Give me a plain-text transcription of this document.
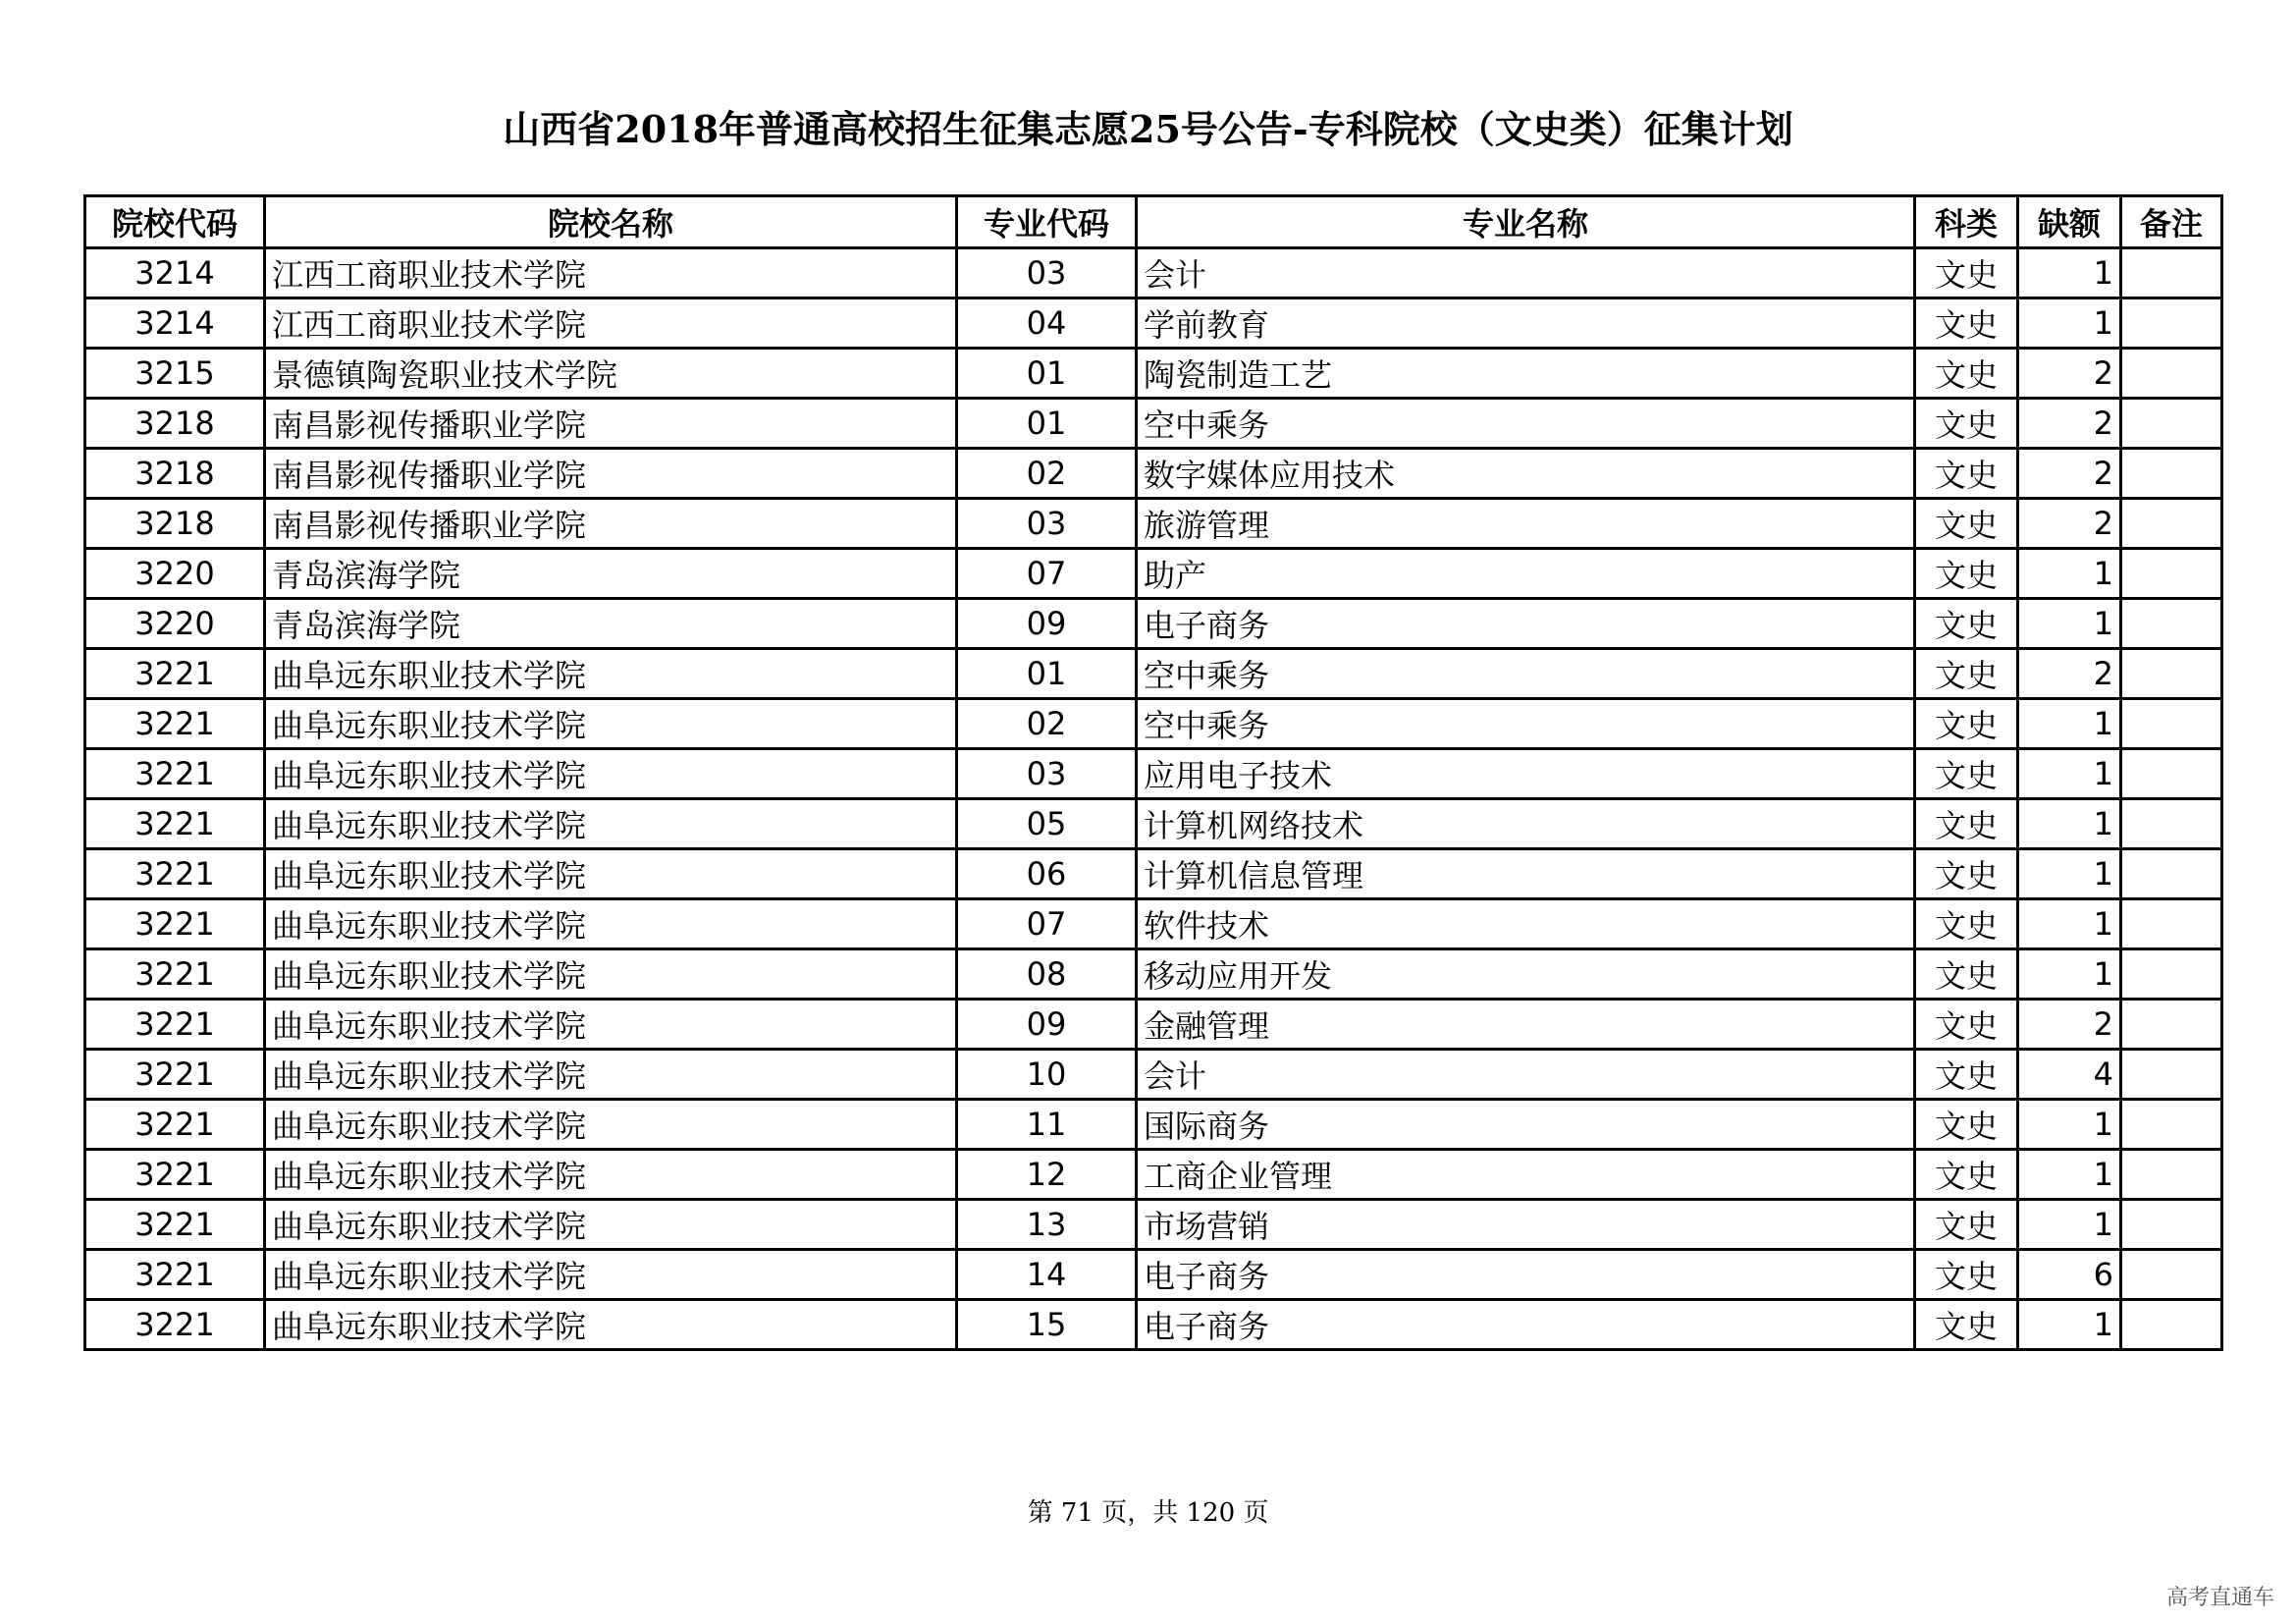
山西省2018年普通高校招生征集志愿25号公告-专科院校（文史类）征集计划
院校代码	院校名称	专业代码	专业名称	科类	缺额	备注
3214	江西工商职业技术学院	03	会计	文史	1	
3214	江西工商职业技术学院	04	学前教育	文史	1	
3215	景德镇陶瓷职业技术学院	01	陶瓷制造工艺	文史	2	
3218	南昌影视传播职业学院	01	空中乘务	文史	2	
3218	南昌影视传播职业学院	02	数字媒体应用技术	文史	2	
3218	南昌影视传播职业学院	03	旅游管理	文史	2	
3220	青岛滨海学院	07	助产	文史	1	
3220	青岛滨海学院	09	电子商务	文史	1	
3221	曲阜远东职业技术学院	01	空中乘务	文史	2	
3221	曲阜远东职业技术学院	02	空中乘务	文史	1	
3221	曲阜远东职业技术学院	03	应用电子技术	文史	1	
3221	曲阜远东职业技术学院	05	计算机网络技术	文史	1	
3221	曲阜远东职业技术学院	06	计算机信息管理	文史	1	
3221	曲阜远东职业技术学院	07	软件技术	文史	1	
3221	曲阜远东职业技术学院	08	移动应用开发	文史	1	
3221	曲阜远东职业技术学院	09	金融管理	文史	2	
3221	曲阜远东职业技术学院	10	会计	文史	4	
3221	曲阜远东职业技术学院	11	国际商务	文史	1	
3221	曲阜远东职业技术学院	12	工商企业管理	文史	1	
3221	曲阜远东职业技术学院	13	市场营销	文史	1	
3221	曲阜远东职业技术学院	14	电子商务	文史	6	
3221	曲阜远东职业技术学院	15	电子商务	文史	1	
第 71 页，共 120 页
高考直通车
